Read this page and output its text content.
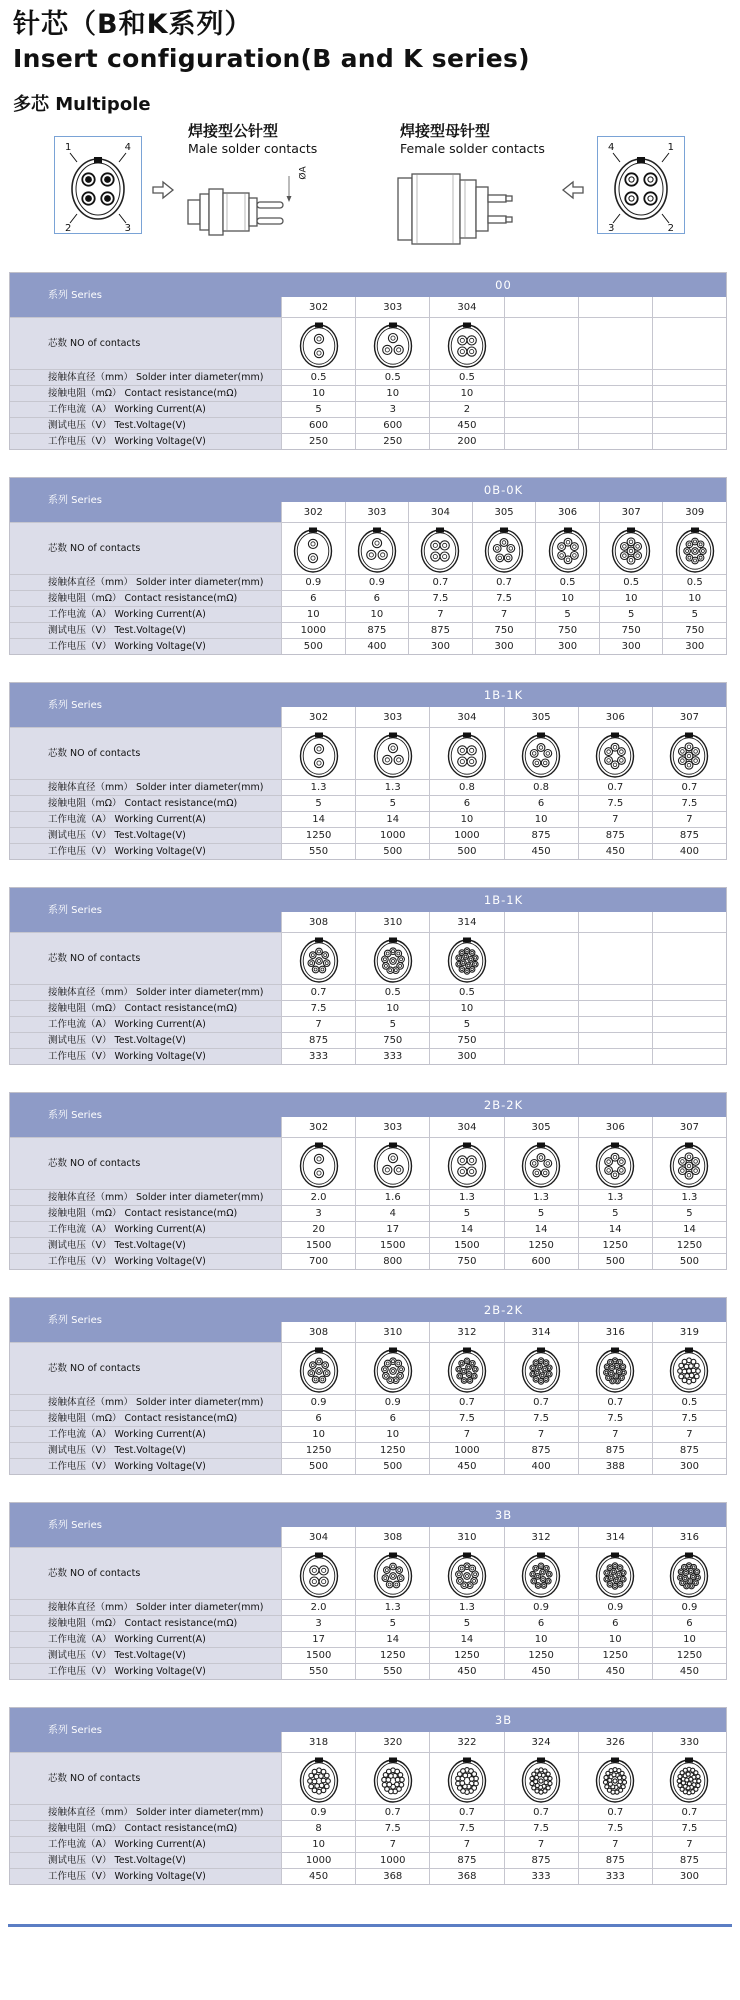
针芯（B和K系列）
Insert configuration(B and K series)
多芯 Multipole
焊接型公针型
Male solder contacts
焊接型母针型
Female solder contacts
1	4
2	3
ØA
4	1
3	2
系列 Series
00
302	303	304
芯数 NO of contacts
接触体直径（mm） Solder inter diameter(mm)	0.5	0.5	0.5
接触电阻（mΩ） Contact resistance(mΩ)	10	10	10
工作电流（A） Working Current(A)	5	3	2
测试电压（V） Test.Voltage(V)	600	600	450
工作电压（V） Working Voltage(V)	250	250	200
系列 Series
0B-0K
302	303	304	305	306	307	309
芯数 NO of contacts
接触体直径（mm） Solder inter diameter(mm)	0.9	0.9	0.7	0.7	0.5	0.5	0.5
接触电阻（mΩ） Contact resistance(mΩ)	6	6	7.5	7.5	10	10	10
工作电流（A） Working Current(A)	10	10	7	7	5	5	5
测试电压（V） Test.Voltage(V)	1000	875	875	750	750	750	750
工作电压（V） Working Voltage(V)	500	400	300	300	300	300	300
系列 Series
1B-1K
302	303	304	305	306	307
芯数 NO of contacts
接触体直径（mm） Solder inter diameter(mm)	1.3	1.3	0.8	0.8	0.7	0.7
接触电阻（mΩ） Contact resistance(mΩ)	5	5	6	6	7.5	7.5
工作电流（A） Working Current(A)	14	14	10	10	7	7
测试电压（V） Test.Voltage(V)	1250	1000	1000	875	875	875
工作电压（V） Working Voltage(V)	550	500	500	450	450	400
系列 Series
1B-1K
308	310	314
芯数 NO of contacts
接触体直径（mm） Solder inter diameter(mm)	0.7	0.5	0.5
接触电阻（mΩ） Contact resistance(mΩ)	7.5	10	10
工作电流（A） Working Current(A)	7	5	5
测试电压（V） Test.Voltage(V)	875	750	750
工作电压（V） Working Voltage(V)	333	333	300
系列 Series
2B-2K
302	303	304	305	306	307
芯数 NO of contacts
接触体直径（mm） Solder inter diameter(mm)	2.0	1.6	1.3	1.3	1.3	1.3
接触电阻（mΩ） Contact resistance(mΩ)	3	4	5	5	5	5
工作电流（A） Working Current(A)	20	17	14	14	14	14
测试电压（V） Test.Voltage(V)	1500	1500	1500	1250	1250	1250
工作电压（V） Working Voltage(V)	700	800	750	600	500	500
系列 Series
2B-2K
308	310	312	314	316	319
芯数 NO of contacts
接触体直径（mm） Solder inter diameter(mm)	0.9	0.9	0.7	0.7	0.7	0.5
接触电阻（mΩ） Contact resistance(mΩ)	6	6	7.5	7.5	7.5	7.5
工作电流（A） Working Current(A)	10	10	7	7	7	7
测试电压（V） Test.Voltage(V)	1250	1250	1000	875	875	875
工作电压（V） Working Voltage(V)	500	500	450	400	388	300
系列 Series
3B
304	308	310	312	314	316
芯数 NO of contacts
接触体直径（mm） Solder inter diameter(mm)	2.0	1.3	1.3	0.9	0.9	0.9
接触电阻（mΩ） Contact resistance(mΩ)	3	5	5	6	6	6
工作电流（A） Working Current(A)	17	14	14	10	10	10
测试电压（V） Test.Voltage(V)	1500	1250	1250	1250	1250	1250
工作电压（V） Working Voltage(V)	550	550	450	450	450	450
系列 Series
3B
318	320	322	324	326	330
芯数 NO of contacts
接触体直径（mm） Solder inter diameter(mm)	0.9	0.7	0.7	0.7	0.7	0.7
接触电阻（mΩ） Contact resistance(mΩ)	8	7.5	7.5	7.5	7.5	7.5
工作电流（A） Working Current(A)	10	7	7	7	7	7
测试电压（V） Test.Voltage(V)	1000	1000	875	875	875	875
工作电压（V） Working Voltage(V)	450	368	368	333	333	300
